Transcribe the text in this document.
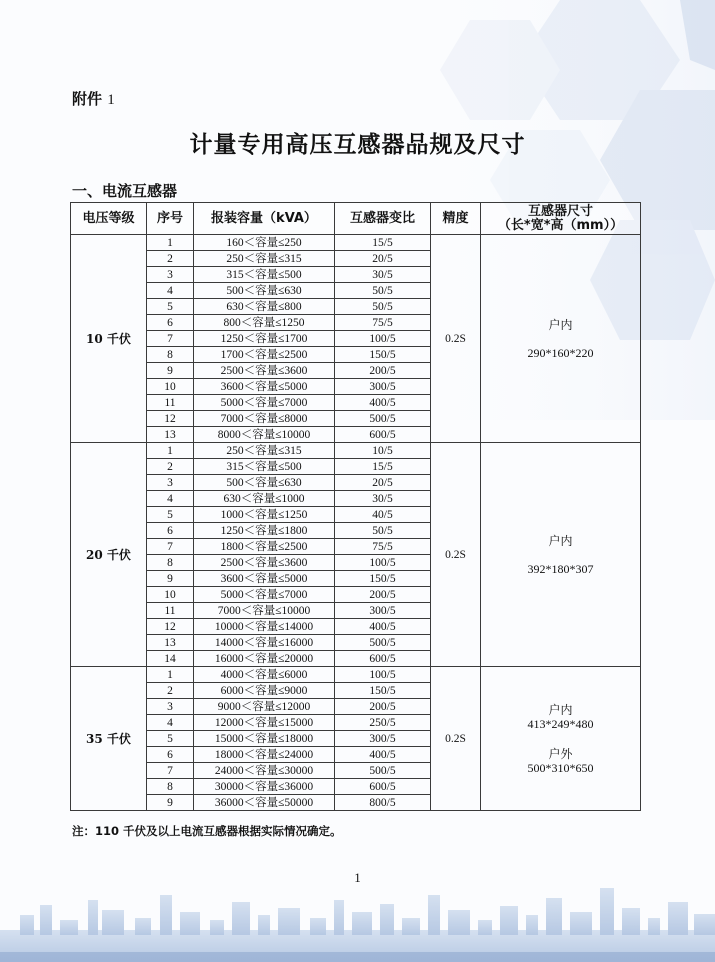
附件 1
计量专用高压互感器品规及尺寸
一、电流互感器
电压等级	序号	报装容量（kVA）	互感器变比	精度	互感器尺寸
（长*宽*高（mm））
10 千伏	1	160＜容量≤250	15/5	0.2S	户内
290*160*220

	2	250＜容量≤315	20/5		
	3	315＜容量≤500	30/5		
	4	500＜容量≤630	50/5		
	5	630＜容量≤800	50/5		
	6	800＜容量≤1250	75/5		
	7	1250＜容量≤1700	100/5		
	8	1700＜容量≤2500	150/5		
	9	2500＜容量≤3600	200/5		
	10	3600＜容量≤5000	300/5		
	11	5000＜容量≤7000	400/5		
	12	7000＜容量≤8000	500/5		
	13	8000＜容量≤10000	600/5		
20 千伏	1	250＜容量≤315	10/5	0.2S	户内
392*180*307

	2	315＜容量≤500	15/5		
	3	500＜容量≤630	20/5		
	4	630＜容量≤1000	30/5		
	5	1000＜容量≤1250	40/5		
	6	1250＜容量≤1800	50/5		
	7	1800＜容量≤2500	75/5		
	8	2500＜容量≤3600	100/5		
	9	3600＜容量≤5000	150/5		
	10	5000＜容量≤7000	200/5		
	11	7000＜容量≤10000	300/5		
	12	10000＜容量≤14000	400/5		
	13	14000＜容量≤16000	500/5		
	14	16000＜容量≤20000	600/5		
35 千伏	1	4000＜容量≤6000	100/5	0.2S	户内
413*249*480
户外
500*310*650

	2	6000＜容量≤9000	150/5		
	3	9000＜容量≤12000	200/5		
	4	12000＜容量≤15000	250/5		
	5	15000＜容量≤18000	300/5		
	6	18000＜容量≤24000	400/5		
	7	24000＜容量≤30000	500/5		
	8	30000＜容量≤36000	600/5		
	9	36000＜容量≤50000	800/5		
注：110 千伏及以上电流互感器根据实际情况确定。
1
